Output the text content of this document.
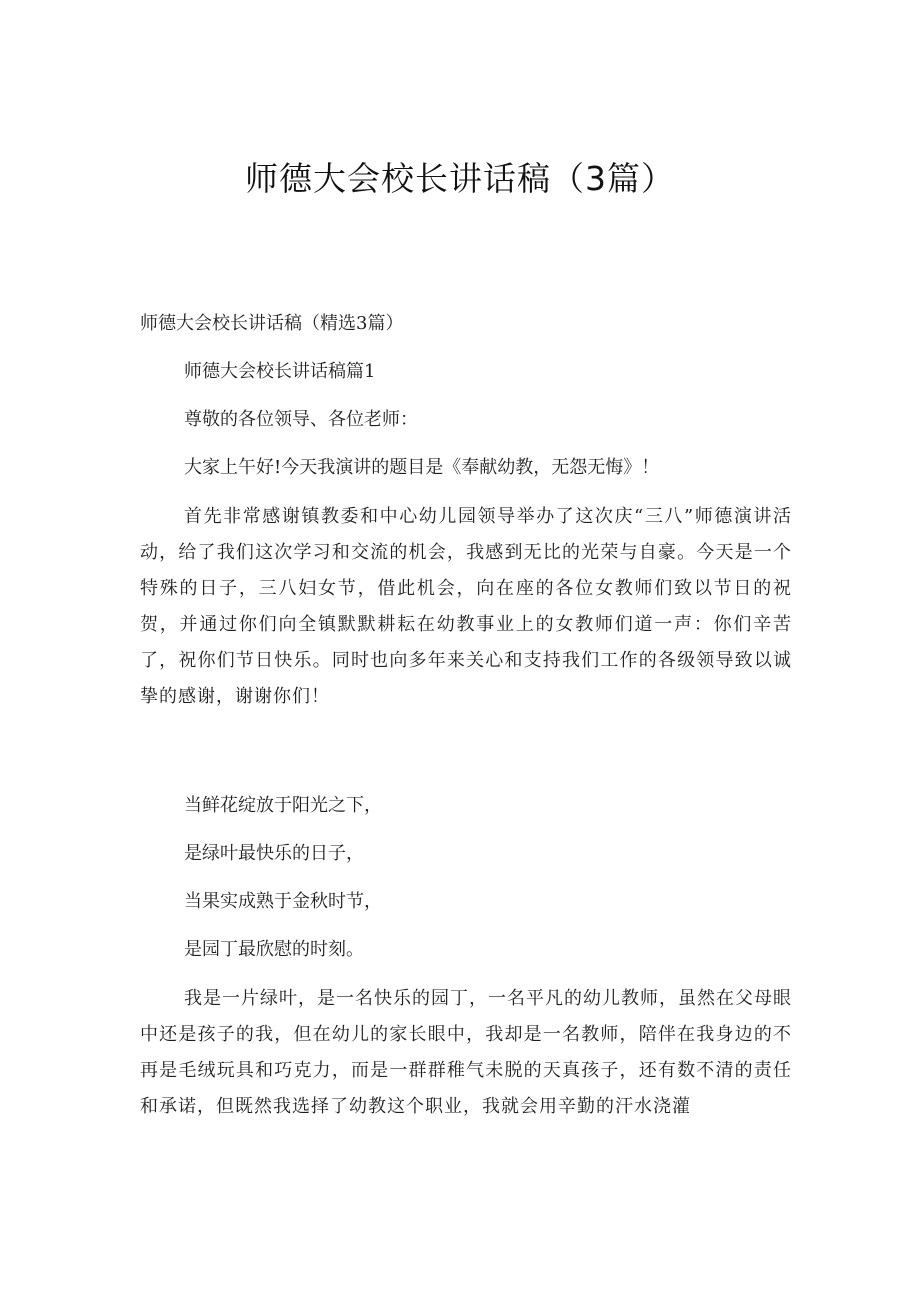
师德大会校长讲话稿（3篇）

师德大会校长讲话稿（精选3篇）

师德大会校长讲话稿篇1

尊敬的各位领导、各位老师：

大家上午好!今天我演讲的题目是《奉献幼教，无怨无悔》！

首先非常感谢镇教委和中心幼儿园领导举办了这次庆“三八”师德演讲活动，给了我们这次学习和交流的机会，我感到无比的光荣与自豪。今天是一个特殊的日子，三八妇女节，借此机会，向在座的各位女教师们致以节日的祝贺，并通过你们向全镇默默耕耘在幼教事业上的女教师们道一声：你们辛苦了，祝你们节日快乐。同时也向多年来关心和支持我们工作的各级领导致以诚挚的感谢，谢谢你们！

当鲜花绽放于阳光之下，

是绿叶最快乐的日子，

当果实成熟于金秋时节，

是园丁最欣慰的时刻。

我是一片绿叶，是一名快乐的园丁，一名平凡的幼儿教师，虽然在父母眼中还是孩子的我，但在幼儿的家长眼中，我却是一名教师，陪伴在我身边的不再是毛绒玩具和巧克力，而是一群群稚气未脱的天真孩子，还有数不清的责任和承诺，但既然我选择了幼教这个职业，我就会用辛勤的汗水浇灌
